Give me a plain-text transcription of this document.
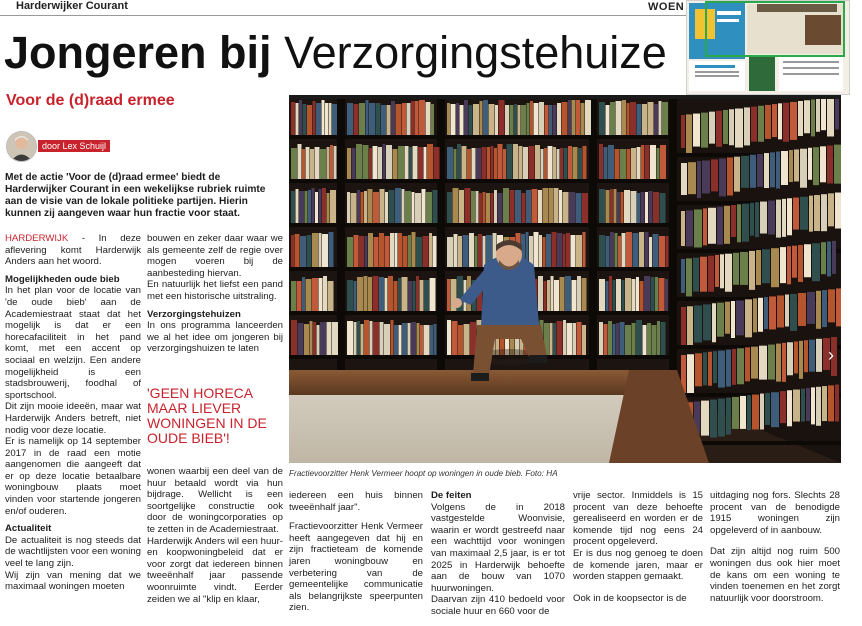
Harderwijker Courant	WOEN
Jongeren bij Verzorgingstehuize
Voor de (d)raad ermee
door Lex Schuijl
Met de actie 'Voor de (d)raad ermee' biedt de Harderwijker Courant in een wekelijkse rubriek ruimte aan de visie van de lokale politieke partijen. Hierin kunnen zij aangeven waar hun fractie voor staat.

HARDERWIJK - In deze aflevering komt Harderwijk Anders aan het woord.

Mogelijkheden oude bieb

In het plan voor de locatie van 'de oude bieb' aan de Academiestraat staat dat het mogelijk is dat er een horecafaciliteit in het pand komt, met een accent op sociaal en welzijn. Een andere mogelijkheid is een stadsbrouwerij, foodhal of sportschool.

Dit zijn mooie ideeën, maar wat Harderwijk Anders betreft, niet nodig voor deze locatie.

Er is namelijk op 14 september 2017 in de raad een motie aangenomen die aangeeft dat er op deze locatie betaalbare woningbouw plaats moet vinden voor startende jongeren en/of ouderen.

Actualiteit

De actualiteit is nog steeds dat de wachtlijsten voor een woning veel te lang zijn.

Wij zijn van mening dat we maximaal woningen moeten

bouwen en zeker daar waar we als gemeente zelf de regie over mogen voeren bij de aanbesteding hiervan.

En natuurlijk het liefst een pand met een historische uitstraling.

Verzorgingstehuizen

In ons programma lanceerden we al het idee om jongeren bij verzorgingshuizen te laten

'GEEN HORECA MAAR LIEVER WONINGEN IN DE OUDE BIEB'!

wonen waarbij een deel van de huur betaald wordt via hun bijdrage. Wellicht is een soortgelijke constructie ook door de woningcorporaties op te zetten in de Academiestraat.

Harderwijk Anders wil een huur- en koopwoningbeleid dat er voor zorgt dat iedereen binnen tweeënhalf jaar passende woonruimte vindt. Eerder zeiden we al "klip en klaar,

›
Fractievoorzitter Henk Vermeer hoopt op woningen in oude bieb. Foto: HA

iedereen een huis binnen tweeënhalf jaar".

Fractievoorzitter Henk Vermeer heeft aangegeven dat hij en zijn fractieteam de komende jaren woningbouw en verbetering van de gemeentelijke communicatie als belangrijkste speerpunten zien.

De feiten

Volgens de in 2018 vastgestelde Woonvisie, waarin er wordt gestreefd naar een wachttijd voor woningen van maximaal 2,5 jaar, is er tot 2025 in Harderwijk behoefte aan de bouw van 1070 huurwoningen.

Daarvan zijn 410 bedoeld voor sociale huur en 660 voor de

vrije sector. Inmiddels is 15 procent van deze behoefte gerealiseerd en worden er de komende tijd nog eens 24 procent opgeleverd.

Er is dus nog genoeg te doen de komende jaren, maar er worden stappen gemaakt.

Ook in de koopsector is de

uitdaging nog fors. Slechts 28 procent van de benodigde 1915 woningen zijn opgeleverd of in aanbouw.

Dat zijn altijd nog ruim 500 woningen dus ook hier moet de kans om een woning te vinden toenemen en het zorgt natuurlijk voor doorstroom.
